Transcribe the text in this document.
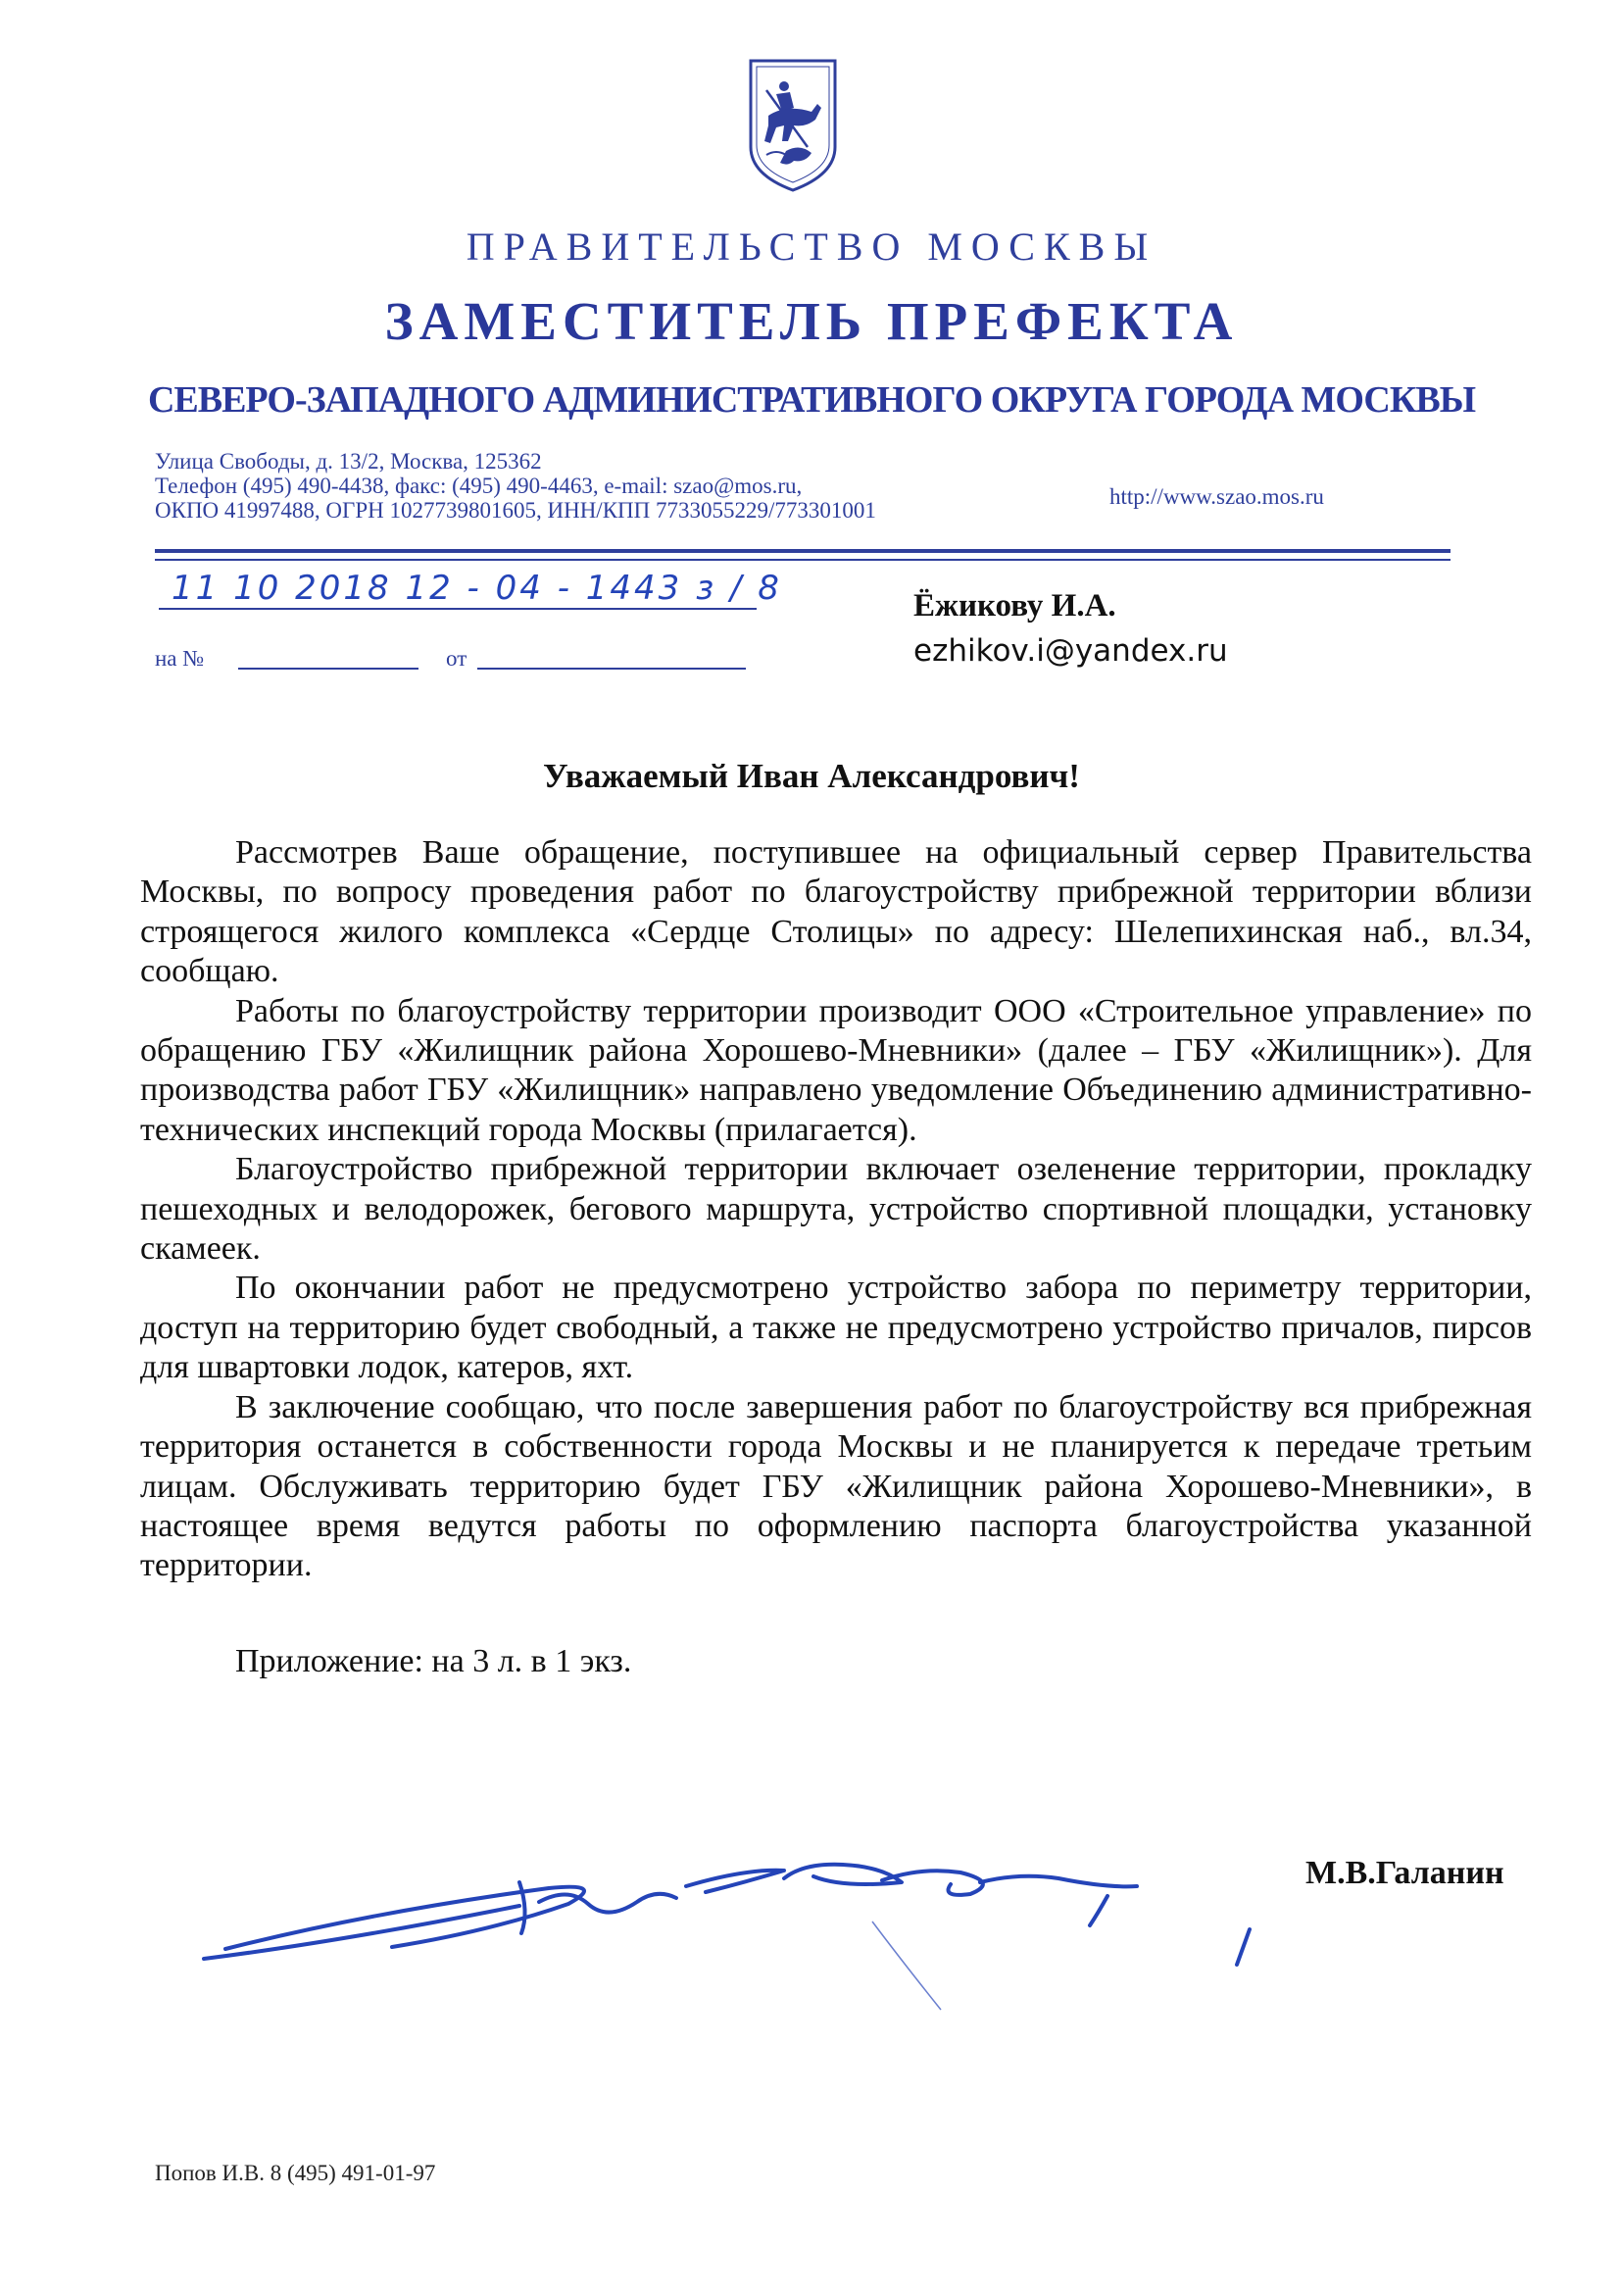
ПРАВИТЕЛЬСТВО МОСКВЫ
ЗАМЕСТИТЕЛЬ ПРЕФЕКТА
СЕВЕРО-ЗАПАДНОГО АДМИНИСТРАТИВНОГО ОКРУГА ГОРОДА МОСКВЫ
Улица Свободы, д. 13/2, Москва, 125362
Телефон (495) 490-4438, факс: (495) 490-4463, e-mail: szao@mos.ru,
ОКПО 41997488, ОГРН 1027739801605, ИНН/КПП 7733055229/773301001
http://www.szao.mos.ru
11 10 2018 12 - 04 - 1443 з / 8
на №	от
Ёжикову И.А.
ezhikov.i@yandex.ru
Уважаемый Иван Александрович!

Рассмотрев Ваше обращение, поступившее на официальный сервер Правительства Москвы, по вопросу проведения работ по благоустройству прибрежной территории вблизи строящегося жилого комплекса «Сердце Столицы» по адресу: Шелепихинская наб., вл.34, сообщаю.

Работы по благоустройству территории производит ООО «Строительное управление» по обращению ГБУ «Жилищник района Хорошево-Мневники» (далее – ГБУ «Жилищник»). Для производства работ ГБУ «Жилищник» направлено уведомление Объединению административно-технических инспекций города Москвы (прилагается).

Благоустройство прибрежной территории включает озеленение территории, прокладку пешеходных и велодорожек, бегового маршрута, устройство спортивной площадки, установку скамеек.

По окончании работ не предусмотрено устройство забора по периметру территории, доступ на территорию будет свободный, а также не предусмотрено устройство причалов, пирсов для швартовки лодок, катеров, яхт.

В заключение сообщаю, что после завершения работ по благоустройству вся прибрежная территория останется в собственности города Москвы и не планируется к передаче третьим лицам. Обслуживать территорию будет ГБУ «Жилищник района Хорошево-Мневники», в настоящее время ведутся работы по оформлению паспорта благоустройства указанной территории.

Приложение: на 3 л. в 1 экз.
М.В.Галанин
Попов И.В. 8 (495) 491-01-97
